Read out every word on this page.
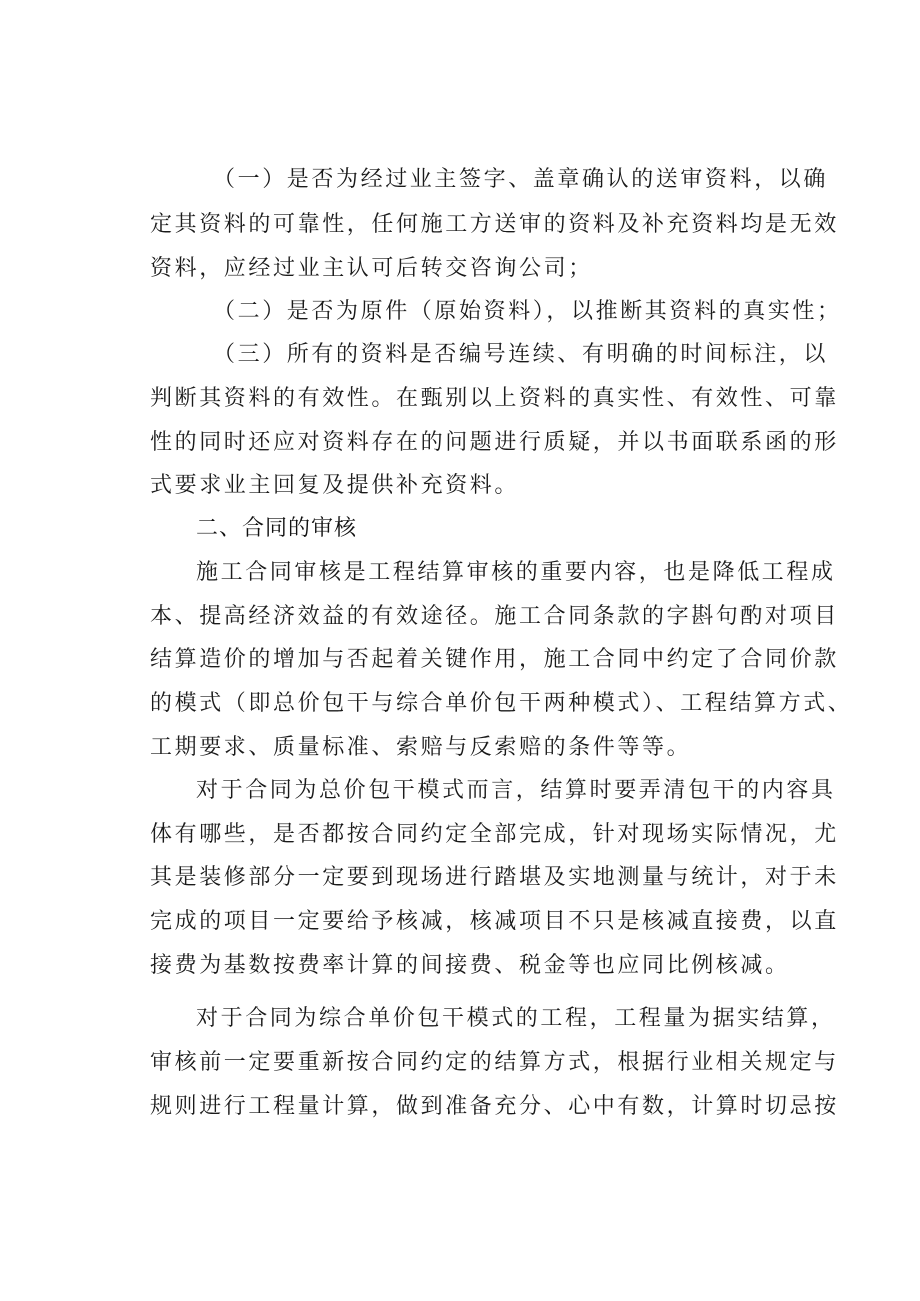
（一）是否为经过业主签字、盖章确认的送审资料，以确
定其资料的可靠性，任何施工方送审的资料及补充资料均是无效
资料，应经过业主认可后转交咨询公司；
（二）是否为原件（原始资料），以推断其资料的真实性；
（三）所有的资料是否编号连续、有明确的时间标注，以
判断其资料的有效性。在甄别以上资料的真实性、有效性、可靠
性的同时还应对资料存在的问题进行质疑，并以书面联系函的形
式要求业主回复及提供补充资料。
二、合同的审核
施工合同审核是工程结算审核的重要内容，也是降低工程成
本、提高经济效益的有效途径。施工合同条款的字斟句酌对项目
结算造价的增加与否起着关键作用，施工合同中约定了合同价款
的模式（即总价包干与综合单价包干两种模式）、工程结算方式、
工期要求、质量标准、索赔与反索赔的条件等等。
对于合同为总价包干模式而言，结算时要弄清包干的内容具
体有哪些，是否都按合同约定全部完成，针对现场实际情况，尤
其是装修部分一定要到现场进行踏堪及实地测量与统计，对于未
完成的项目一定要给予核减，核减项目不只是核减直接费，以直
接费为基数按费率计算的间接费、税金等也应同比例核减。
对于合同为综合单价包干模式的工程，工程量为据实结算，
审核前一定要重新按合同约定的结算方式，根据行业相关规定与
规则进行工程量计算，做到准备充分、心中有数，计算时切忌按
